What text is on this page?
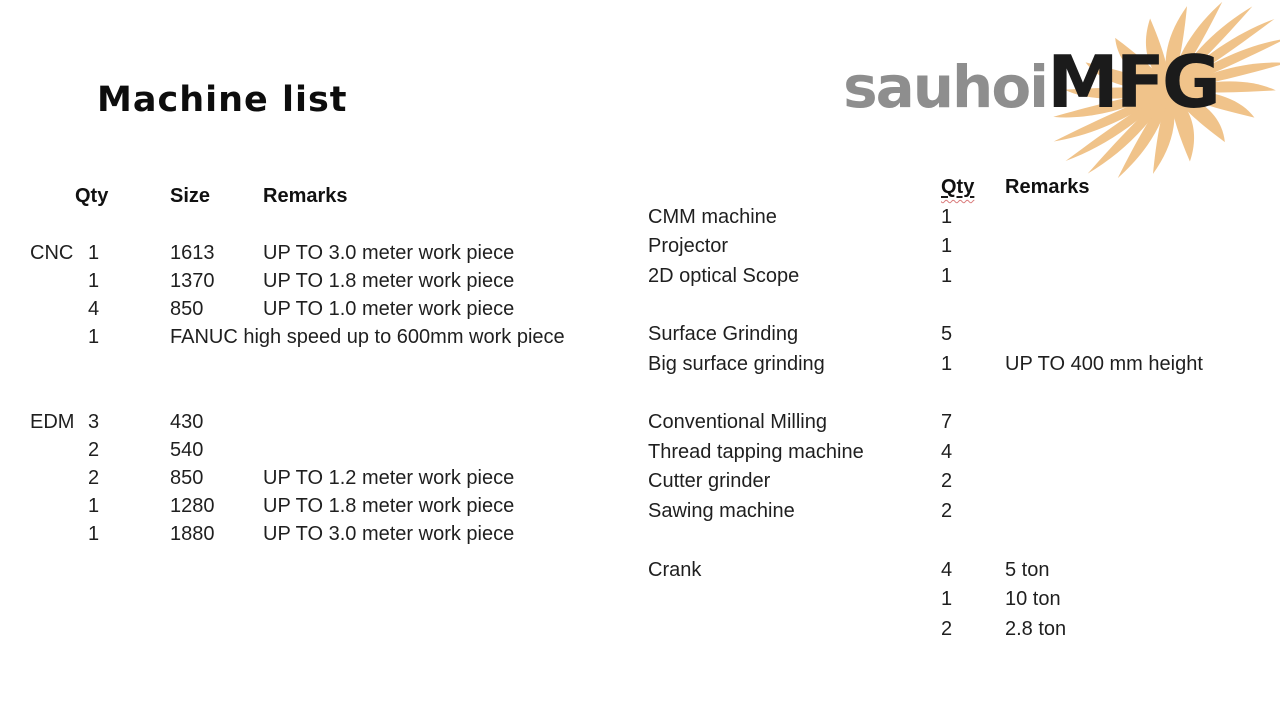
Machine list	sauhoi MFG
Qty	Size	Remarks
CNC 1	1613	UP TO 3.0 meter work piece
1	1370	UP TO 1.8 meter work piece
4	850	UP TO 1.0 meter work piece
1	FANUC high speed up to 600mm work piece
EDM 3	430
2	540
2	850	UP TO 1.2 meter work piece
1	1280	UP TO 1.8 meter work piece
1	1880	UP TO 3.0 meter work piece
Qty	Remarks
CMM machine	1
Projector	1
2D optical Scope	1
Surface Grinding	5
Big surface grinding	1	UP TO 400 mm height
Conventional Milling	7
Thread tapping machine	4
Cutter grinder	2
Sawing machine	2
Crank	4	5 ton
1	10 ton
2	2.8 ton
